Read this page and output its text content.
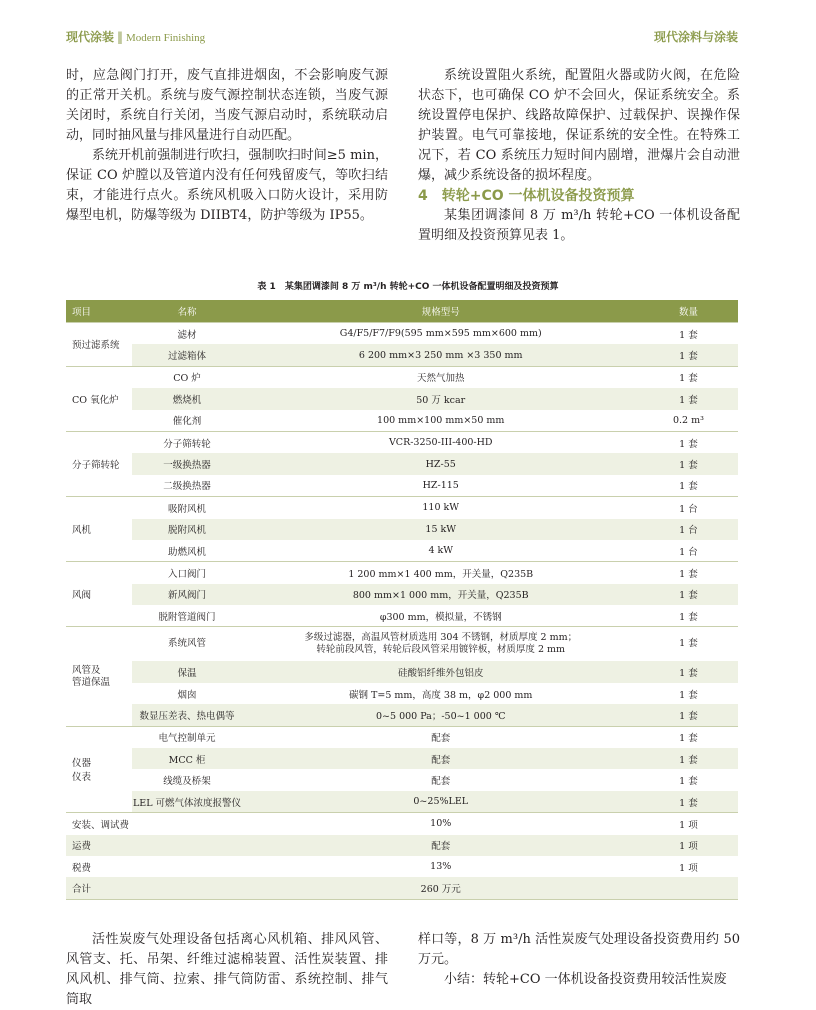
现代涂装 ‖ Modern Finishing	现代涂料与涂装

时，应急阀门打开，废气直排进烟囱，不会影响废气源的正常开关机。系统与废气源控制状态连锁，当废气源关闭时，系统自行关闭，当废气源启动时，系统联动启动，同时抽风量与排风量进行自动匹配。

系统开机前强制进行吹扫，强制吹扫时间≥5 min，保证 CO 炉膛以及管道内没有任何残留废气，等吹扫结束，才能进行点火。系统风机吸入口防火设计，采用防爆型电机，防爆等级为 DIIBT4，防护等级为 IP55。

系统设置阻火系统，配置阻火器或防火阀，在危险状态下，也可确保 CO 炉不会回火，保证系统安全。系统设置停电保护、线路故障保护、过载保护、误操作保护装置。电气可靠接地，保证系统的安全性。在特殊工况下，若 CO 系统压力短时间内剧增，泄爆片会自动泄爆，减少系统设备的损坏程度。

4　转轮+CO 一体机设备投资预算

某集团调漆间 8 万 m³/h 转轮+CO 一体机设备配置明细及投资预算见表 1。

表 1　某集团调漆间 8 万 m³/h 转轮+CO 一体机设备配置明细及投资预算
项目	名称	规格型号	数量
预过滤系统	滤材	G4/F5/F7/F9(595 mm×595 mm×600 mm)	1 套
	过滤箱体	6 200 mm×3 250 mm ×3 350 mm	1 套
CO 氧化炉	CO 炉	天然气加热	1 套
	燃烧机	50 万 kcar	1 套
	催化剂	100 mm×100 mm×50 mm	0.2 m³
分子筛转轮	分子筛转轮	VCR-3250-III-400-HD	1 套
	一级换热器	HZ-55	1 套
	二级换热器	HZ-115	1 套
风机	吸附风机	110 kW	1 台
	脱附风机	15 kW	1 台
	助燃风机	4 kW	1 台
风阀	入口阀门	1 200 mm×1 400 mm，开关量，Q235B	1 套
	新风阀门	800 mm×1 000 mm，开关量，Q235B	1 套
	脱附管道阀门	φ300 mm，模拟量，不锈钢	1 套
风管及
管道保温	系统风管	多级过滤器，高温风管材质选用 304 不锈钢，材质厚度 2 mm；
转轮前段风管，转轮后段风管采用镀锌板，材质厚度 2 mm	1 套
	保温	硅酸铝纤维外包铝皮	1 套
	烟囱	碳钢 T=5 mm，高度 38 m，φ2 000 mm	1 套
	数显压差表、热电偶等	0~5 000 Pa；-50~1 000 ℃	1 套
仪器
仪表	电气控制单元	配套	1 套
	MCC 柜	配套	1 套
	线缆及桥架	配套	1 套
	LEL 可燃气体浓度报警仪	0~25%LEL	1 套
安装、调试费		10%	1 项
运费		配套	1 项
税费		13%	1 项
合计		260 万元	

活性炭废气处理设备包括离心风机箱、排风风管、风管支、托、吊架、纤维过滤棉装置、活性炭装置、排风风机、排气筒、拉索、排气筒防雷、系统控制、排气筒取

样口等，8 万 m³/h 活性炭废气处理设备投资费用约 50 万元。

小结：转轮+CO 一体机设备投资费用较活性炭废
